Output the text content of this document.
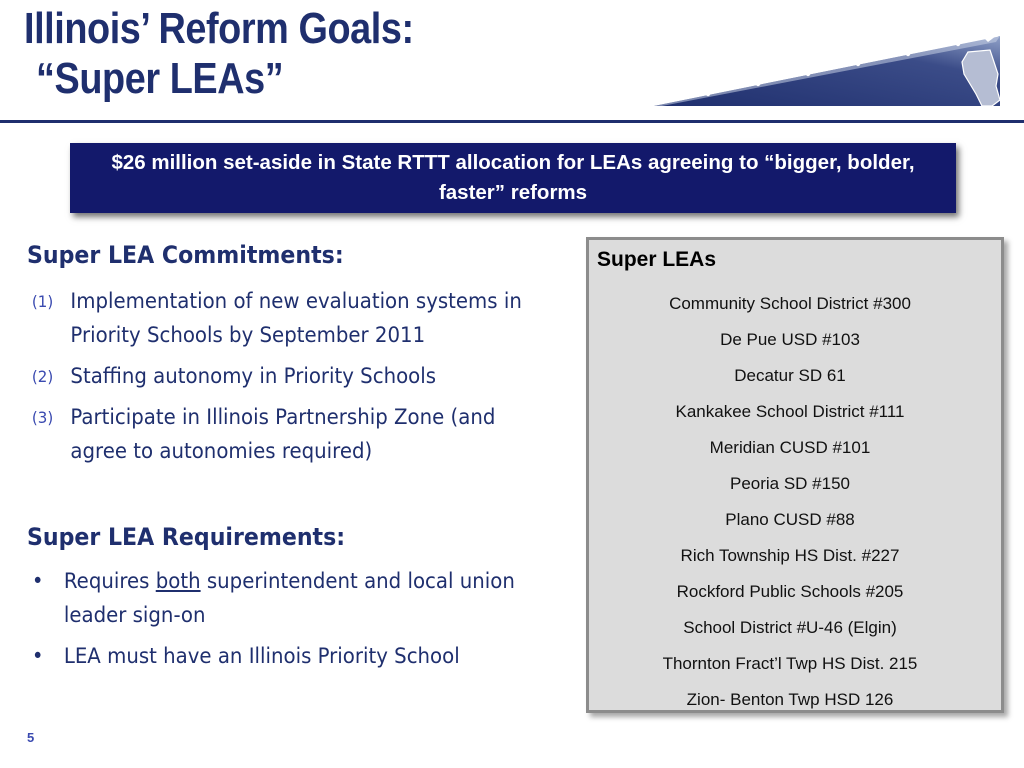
Illinois’ Reform Goals:
“Super LEAs”
$26 million set-aside in State RTTT allocation for LEAs agreeing to “bigger, bolder, faster” reforms
Super LEA Commitments:
(1) Implementation of new evaluation systems in Priority Schools by September 2011
(2) Staffing autonomy in Priority Schools
(3) Participate in Illinois Partnership Zone (and agree to autonomies required)
Super LEA Requirements:
• Requires both superintendent and local union leader sign-on
• LEA must have an Illinois Priority School

Super LEAs

Community School District #300
De Pue USD #103
Decatur SD 61
Kankakee School District #111
Meridian CUSD #101
Peoria SD #150
Plano CUSD #88
Rich Township HS Dist. #227
Rockford Public Schools #205
School District #U-46 (Elgin)
Thornton Fract’l Twp HS Dist. 215
Zion- Benton Twp HSD 126
5
